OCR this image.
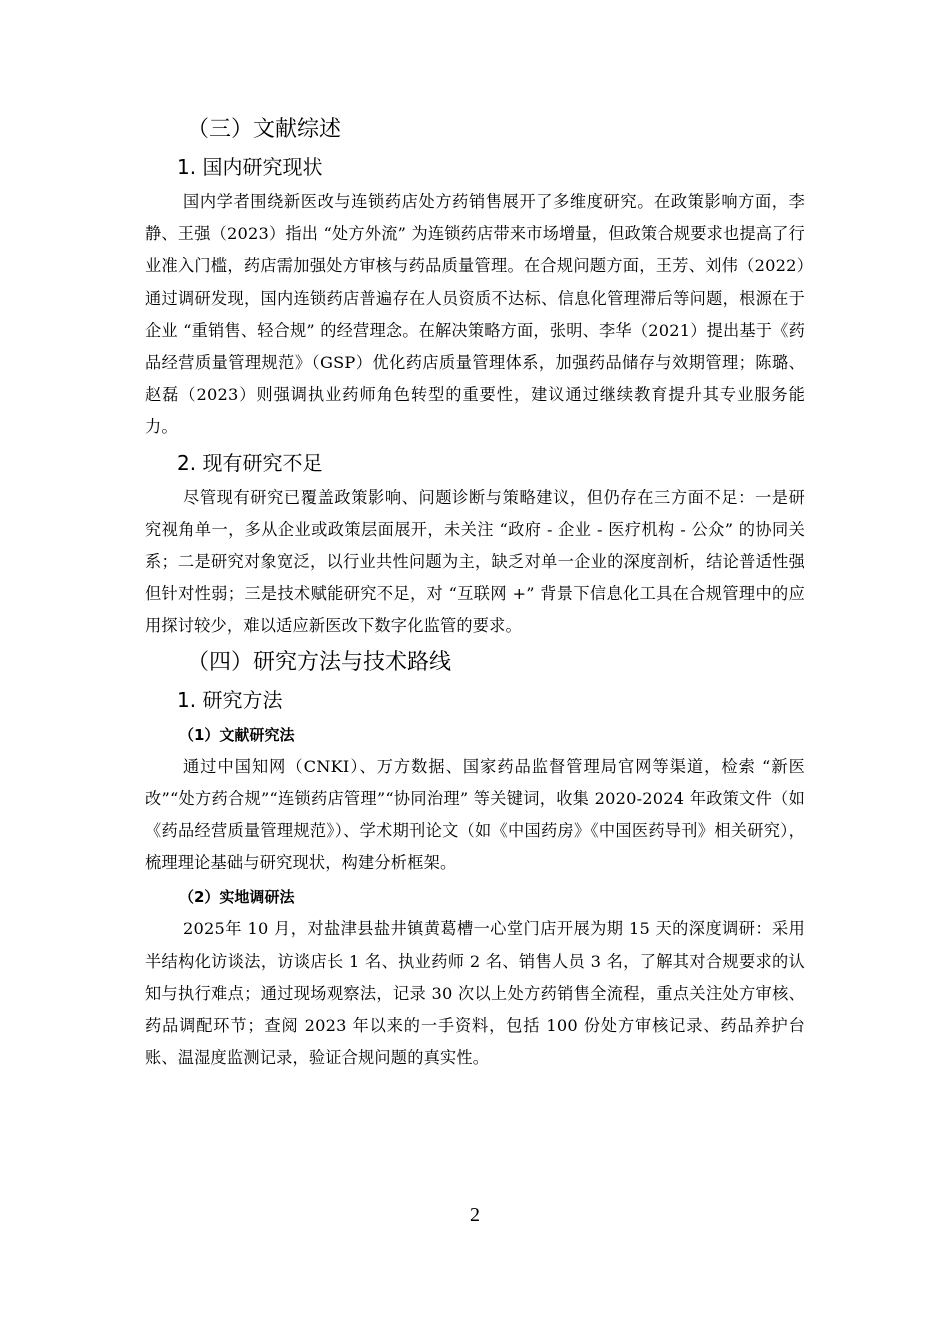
（三）文献综述
1. 国内研究现状

国内学者围绕新医改与连锁药店处方药销售展开了多维度研究。在政策影响方面，李静、王强（2023）指出 “处方外流” 为连锁药店带来市场增量，但政策合规要求也提高了行业准入门槛，药店需加强处方审核与药品质量管理。在合规问题方面，王芳、刘伟（2022）通过调研发现，国内连锁药店普遍存在人员资质不达标、信息化管理滞后等问题，根源在于企业 “重销售、轻合规” 的经营理念。在解决策略方面，张明、李华（2021）提出基于《药品经营质量管理规范》（GSP）优化药店质量管理体系，加强药品储存与效期管理；陈璐、赵磊（2023）则强调执业药师角色转型的重要性，建议通过继续教育提升其专业服务能力。

2. 现有研究不足

尽管现有研究已覆盖政策影响、问题诊断与策略建议，但仍存在三方面不足：一是研究视角单一，多从企业或政策层面展开，未关注 “政府 - 企业 - 医疗机构 - 公众” 的协同关系；二是研究对象宽泛，以行业共性问题为主，缺乏对单一企业的深度剖析，结论普适性强但针对性弱；三是技术赋能研究不足，对 “互联网 +” 背景下信息化工具在合规管理中的应用探讨较少，难以适应新医改下数字化监管的要求。

（四）研究方法与技术路线
1. 研究方法
（1）文献研究法

通过中国知网（CNKI）、万方数据、国家药品监督管理局官网等渠道，检索 “新医改”“处方药合规”“连锁药店管理”“协同治理” 等关键词，收集 2020-2024 年政策文件（如《药品经营质量管理规范》）、学术期刊论文（如《中国药房》《中国医药导刊》相关研究），梳理理论基础与研究现状，构建分析框架。

（2）实地调研法

2025年 10 月，对盐津县盐井镇黄葛槽一心堂门店开展为期 15 天的深度调研：采用半结构化访谈法，访谈店长 1 名、执业药师 2 名、销售人员 3 名，了解其对合规要求的认知与执行难点；通过现场观察法，记录 30 次以上处方药销售全流程，重点关注处方审核、药品调配环节；查阅 2023 年以来的一手资料，包括 100 份处方审核记录、药品养护台账、温湿度监测记录，验证合规问题的真实性。

2
